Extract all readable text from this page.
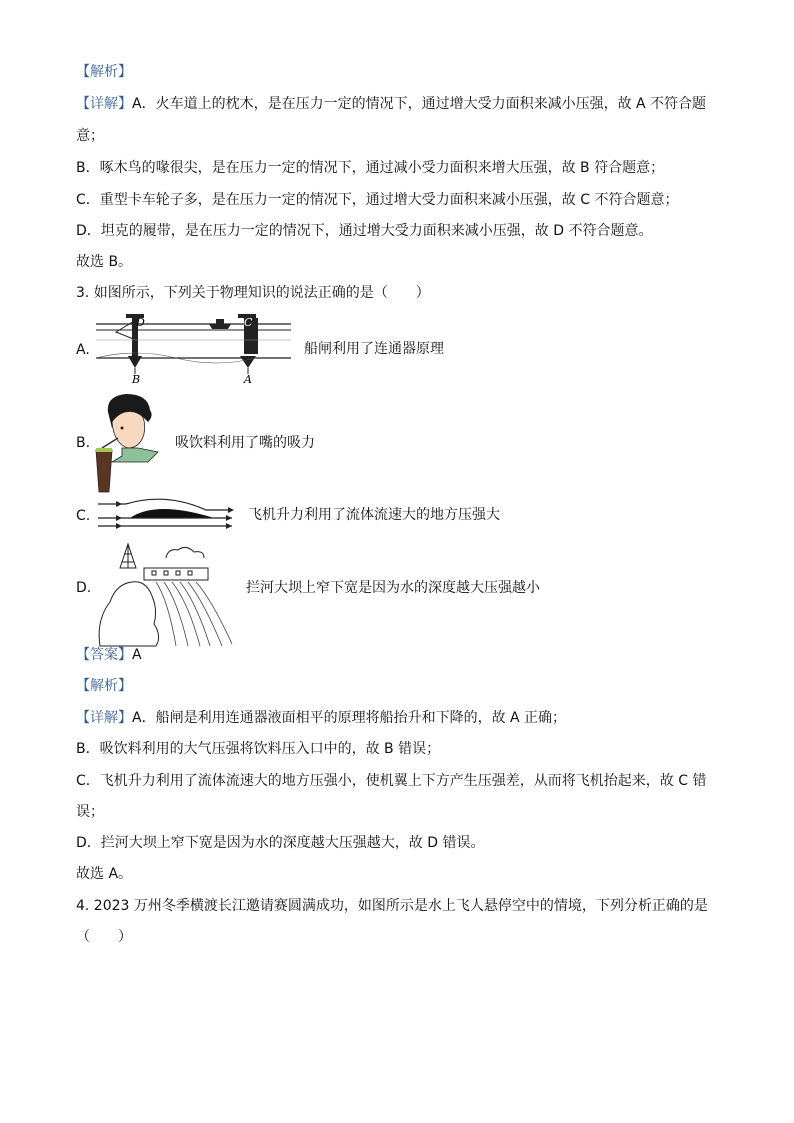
【解析】
【详解】A．火车道上的枕木，是在压力一定的情况下，通过增大受力面积来减小压强，故 A 不符合题
意；
B．啄木鸟的喙很尖，是在压力一定的情况下，通过减小受力面积来增大压强，故 B 符合题意；
C．重型卡车轮子多，是在压力一定的情况下，通过增大受力面积来减小压强，故 C 不符合题意；
D．坦克的履带，是在压力一定的情况下，通过增大受力面积来减小压强，故 D 不符合题意。
故选 B。
3. 如图所示，下列关于物理知识的说法正确的是（　　）
A.
D	C
B	A
船闸利用了连通器原理
B.	吸饮料利用了嘴的吸力
C.	飞机升力利用了流体流速大的地方压强大
D.	拦河大坝上窄下宽是因为水的深度越大压强越小
【答案】A
【解析】
【详解】A．船闸是利用连通器液面相平的原理将船抬升和下降的，故 A 正确；
B．吸饮料利用的大气压强将饮料压入口中的，故 B 错误；
C．飞机升力利用了流体流速大的地方压强小，使机翼上下方产生压强差，从而将飞机抬起来，故 C 错
误；
D．拦河大坝上窄下宽是因为水的深度越大压强越大，故 D 错误。
故选 A。
4. 2023 万州冬季横渡长江邀请赛圆满成功，如图所示是水上飞人悬停空中的情境，下列分析正确的是
（　　）
